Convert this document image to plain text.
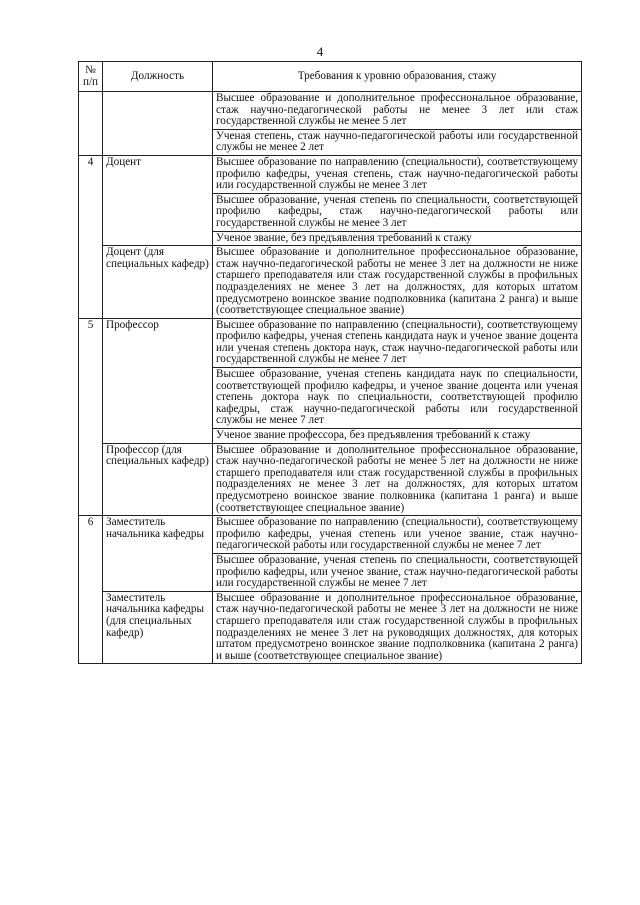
4
№ п/п	Должность	Требования к уровню образования, стажу
		Высшее образование и дополнительное профессиональное образование, стаж научно-педагогической работы не менее 3 лет или стаж государственной службы не менее 5 лет
		Ученая степень, стаж научно-педагогической работы или государственной службы не менее 2 лет
4	Доцент	Высшее образование по направлению (специальности), соответствующему профилю кафедры, ученая степень, стаж научно-педагогической работы или государственной службы не менее 3 лет
		Высшее образование, ученая степень по специальности, соответствующей профилю кафедры, стаж научно-педагогической работы или государственной службы не менее 3 лет
		Ученое звание, без предъявления требований к стажу
	Доцент (для специальных кафедр)	Высшее образование и дополнительное профессиональное образование, стаж научно-педагогической работы не менее 3 лет на должности не ниже старшего преподавателя или стаж государственной службы в профильных подразделениях не менее 3 лет на должностях, для которых штатом предусмотрено воинское звание подполковника (капитана 2 ранга) и выше (соответствующее специальное звание)
5	Профессор	Высшее образование по направлению (специальности), соответствующему профилю кафедры, ученая степень кандидата наук и ученое звание доцента или ученая степень доктора наук, стаж научно-педагогической работы или государственной службы не менее 7 лет
		Высшее образование, ученая степень кандидата наук по специальности, соответствующей профилю кафедры, и ученое звание доцента или ученая степень доктора наук по специальности, соответствующей профилю кафедры, стаж научно-педагогической работы или государственной службы не менее 7 лет
		Ученое звание профессора, без предъявления требований к стажу
	Профессор (для специальных кафедр)	Высшее образование и дополнительное профессиональное образование, стаж научно-педагогической работы не менее 5 лет на должности не ниже старшего преподавателя или стаж государственной службы в профильных подразделениях не менее 3 лет на должностях, для которых штатом предусмотрено воинское звание полковника (капитана 1 ранга) и выше (соответствующее специальное звание)
6	Заместитель начальника кафедры	Высшее образование по направлению (специальности), соответствующему профилю кафедры, ученая степень или ученое звание, стаж научно-педагогической работы или государственной службы не менее 7 лет
		Высшее образование, ученая степень по специальности, соответствующей профилю кафедры, или ученое звание, стаж научно-педагогической работы или государственной службы не менее 7 лет
	Заместитель начальника кафедры (для специальных кафедр)	Высшее образование и дополнительное профессиональное образование, стаж научно-педагогической работы не менее 3 лет на должности не ниже старшего преподавателя или стаж государственной службы в профильных подразделениях не менее 3 лет на руководящих должностях, для которых штатом предусмотрено воинское звание подполковника (капитана 2 ранга) и выше (соответствующее специальное звание)
